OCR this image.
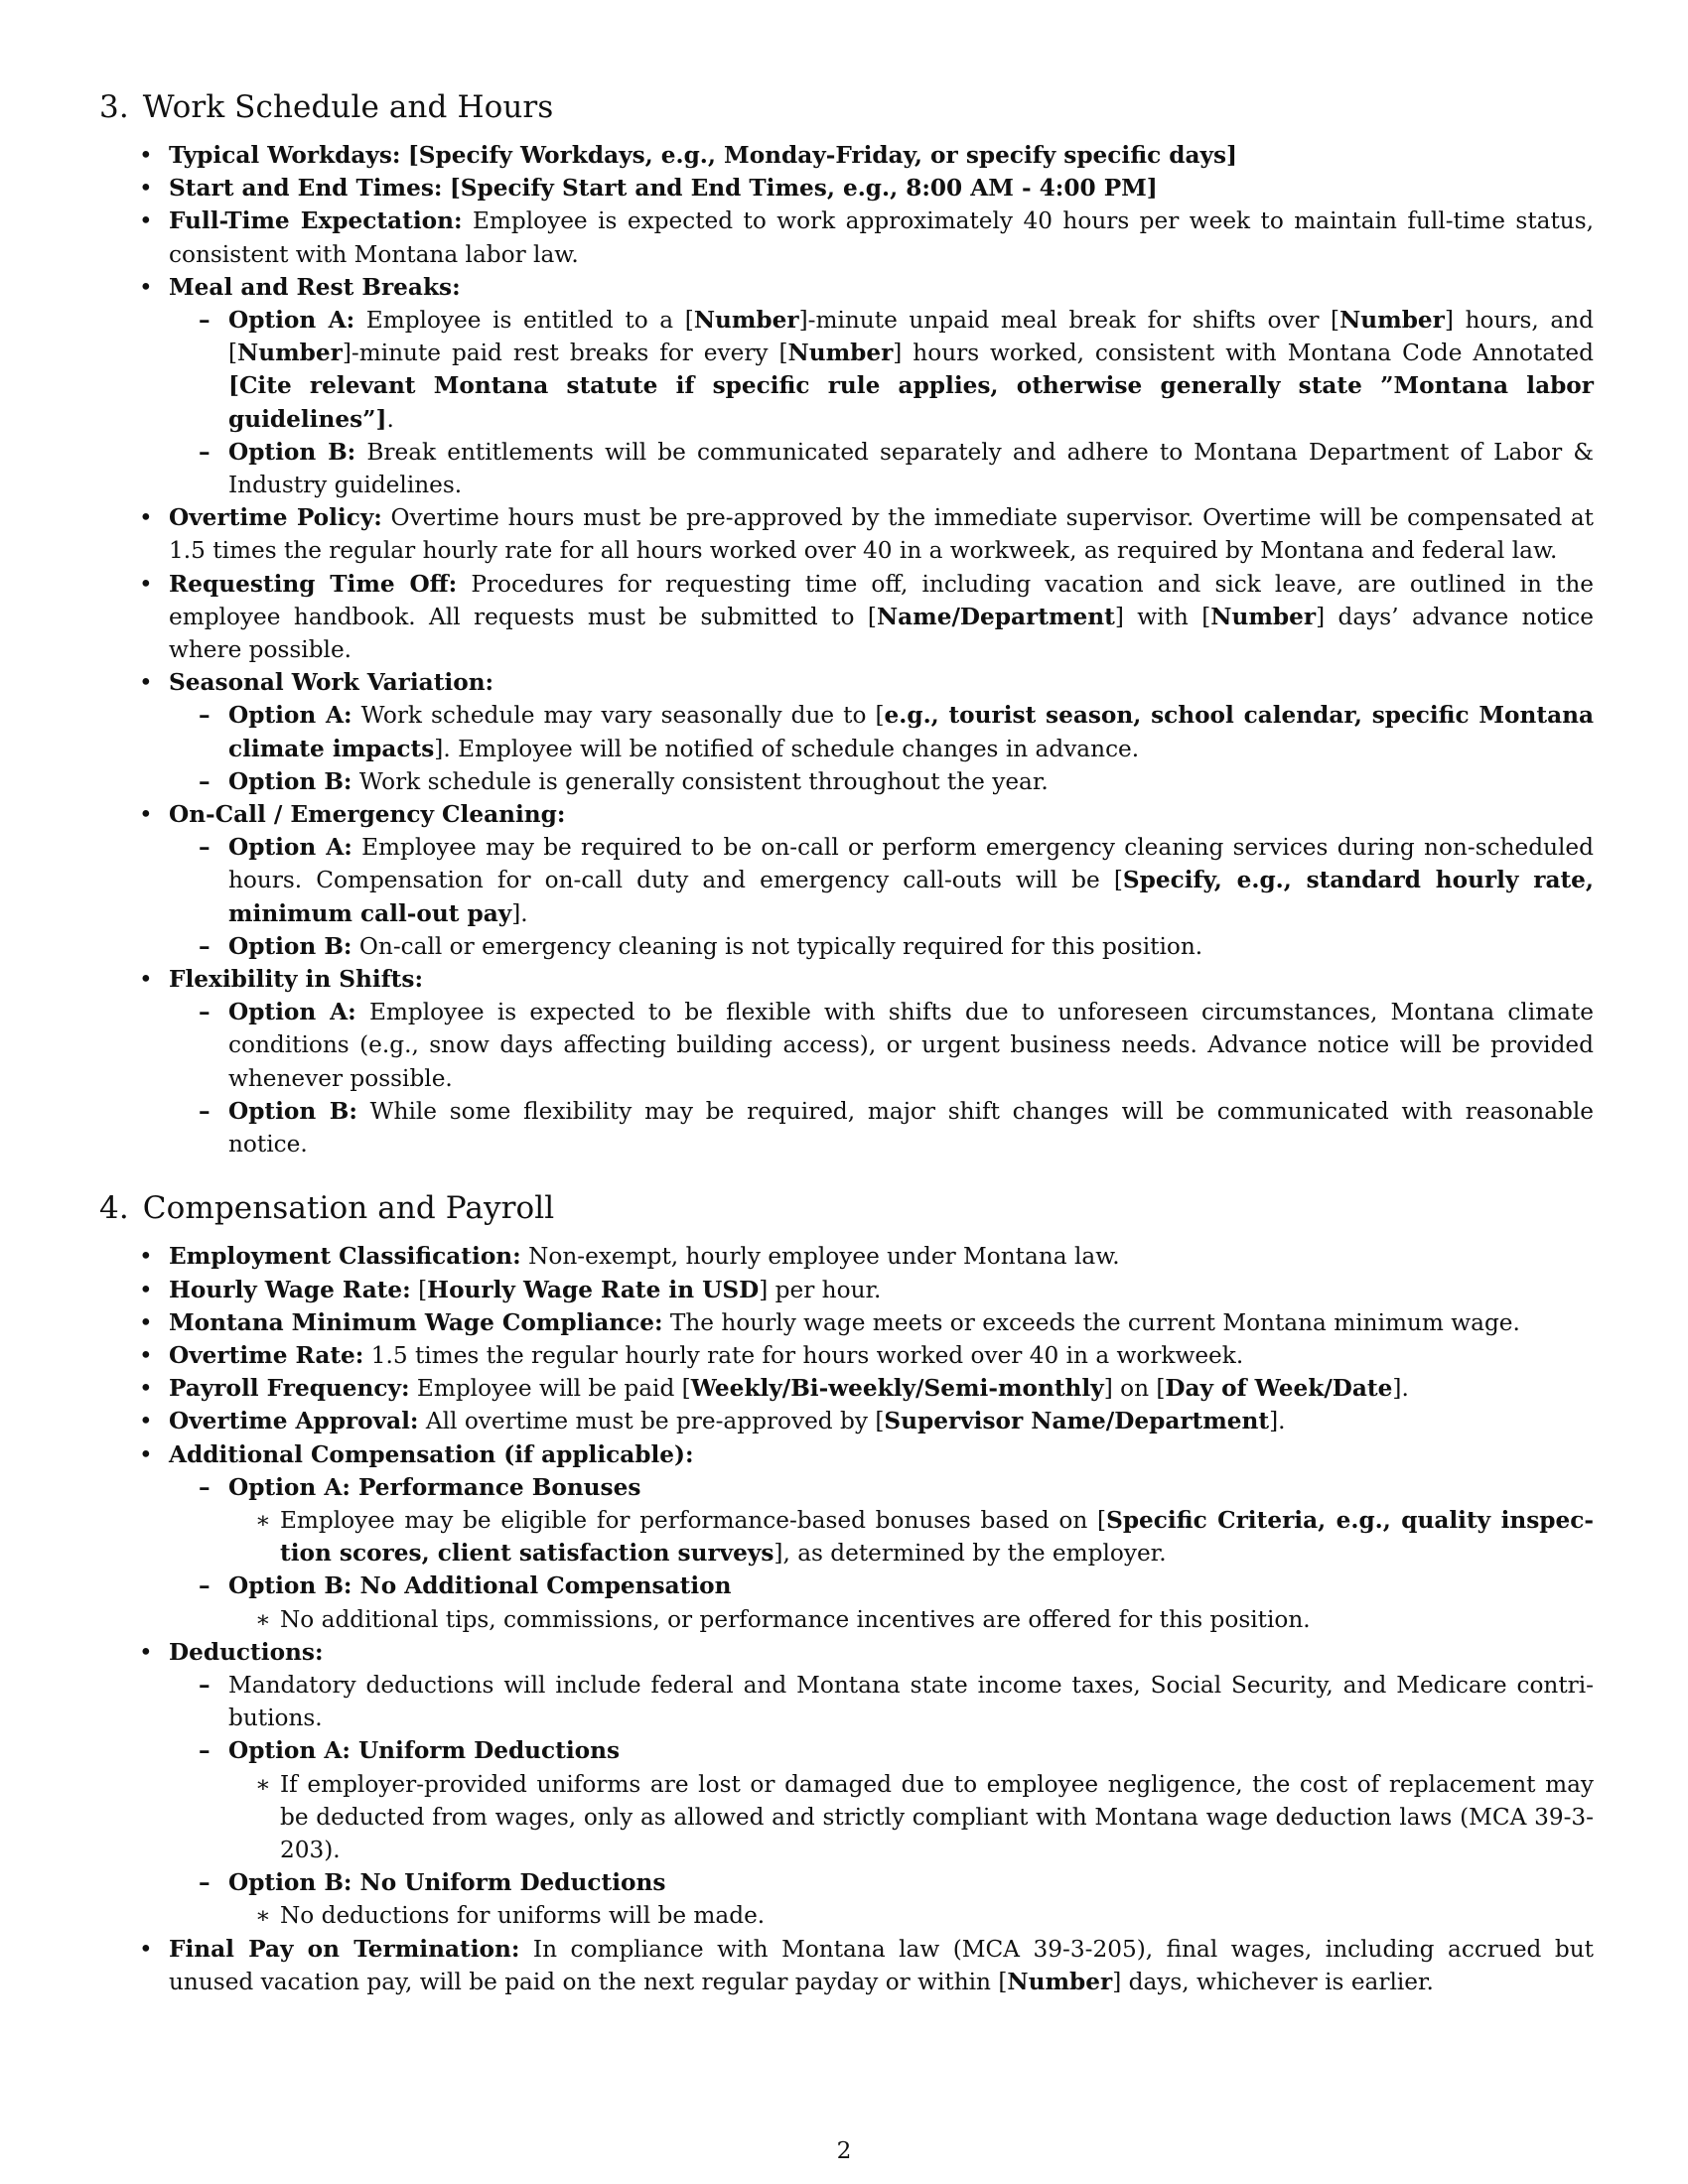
3. Work Schedule and Hours
• Typical Workdays: [Specify Workdays, e.g., Monday-Friday, or specify specific days]
• Start and End Times: [Specify Start and End Times, e.g., 8:00 AM - 4:00 PM]
• Full-Time Expectation: Employee is expected to work approximately 40 hours per week to maintain full-time status, consistent with Montana labor law.
• Meal and Rest Breaks:
– Option A: Employee is entitled to a [Number]-minute unpaid meal break for shifts over [Number] hours, and [Number]-minute paid rest breaks for every [Number] hours worked, consistent with Montana Code Annotated [Cite relevant Montana statute if specific rule applies, otherwise generally state ”Montana labor guidelines”].
– Option B: Break entitlements will be communicated separately and adhere to Montana Department of Labor & Industry guidelines.
• Overtime Policy: Overtime hours must be pre-approved by the immediate supervisor. Overtime will be compensated at 1.5 times the regular hourly rate for all hours worked over 40 in a workweek, as required by Montana and federal law.
• Requesting Time Off: Procedures for requesting time off, including vacation and sick leave, are outlined in the employee handbook. All requests must be submitted to [Name/Department] with [Number] days’ advance notice where possible.
• Seasonal Work Variation:
– Option A: Work schedule may vary seasonally due to [e.g., tourist season, school calendar, specific Montana climate impacts]. Employee will be notified of schedule changes in advance.
– Option B: Work schedule is generally consistent throughout the year.
• On-Call / Emergency Cleaning:
– Option A: Employee may be required to be on-call or perform emergency cleaning services during non-scheduled hours. Compensation for on-call duty and emergency call-outs will be [Specify, e.g., standard hourly rate, minimum call-out pay].
– Option B: On-call or emergency cleaning is not typically required for this position.
• Flexibility in Shifts:
– Option A: Employee is expected to be flexible with shifts due to unforeseen circumstances, Montana climate conditions (e.g., snow days affecting building access), or urgent business needs. Advance notice will be provided whenever possible.
– Option B: While some flexibility may be required, major shift changes will be communicated with reasonable notice.
4. Compensation and Payroll
• Employment Classification: Non-exempt, hourly employee under Montana law.
• Hourly Wage Rate: [Hourly Wage Rate in USD] per hour.
• Montana Minimum Wage Compliance: The hourly wage meets or exceeds the current Montana minimum wage.
• Overtime Rate: 1.5 times the regular hourly rate for hours worked over 40 in a workweek.
• Payroll Frequency: Employee will be paid [Weekly/Bi-weekly/Semi-monthly] on [Day of Week/Date].
• Overtime Approval: All overtime must be pre-approved by [Supervisor Name/Department].
• Additional Compensation (if applicable):
– Option A: Performance Bonuses
∗ Employee may be eligible for performance-based bonuses based on [Specific Criteria, e.g., quality inspection scores, client satisfaction surveys], as determined by the employer.
– Option B: No Additional Compensation
∗ No additional tips, commissions, or performance incentives are offered for this position.
• Deductions:
– Mandatory deductions will include federal and Montana state income taxes, Social Security, and Medicare contributions.
– Option A: Uniform Deductions
∗ If employer-provided uniforms are lost or damaged due to employee negligence, the cost of replacement may be deducted from wages, only as allowed and strictly compliant with Montana wage deduction laws (MCA 39-3-203).
– Option B: No Uniform Deductions
∗ No deductions for uniforms will be made.
• Final Pay on Termination: In compliance with Montana law (MCA 39-3-205), final wages, including accrued but unused vacation pay, will be paid on the next regular payday or within [Number] days, whichever is earlier.
2
